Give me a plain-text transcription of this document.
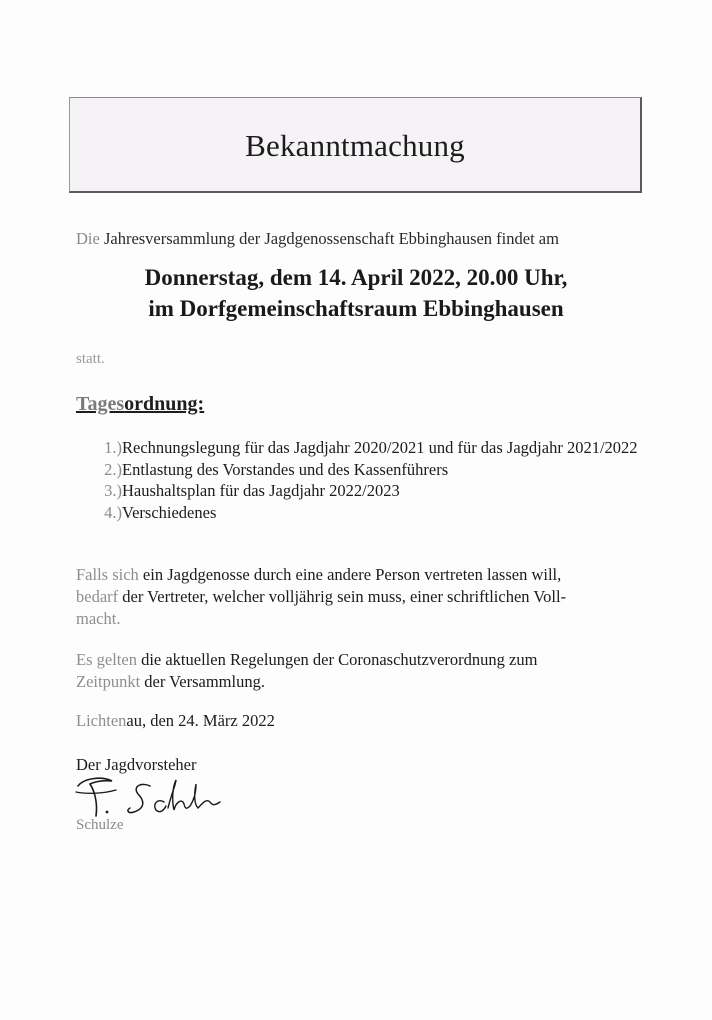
Bekanntmachung
Die Jahresversammlung der Jagdgenossenschaft Ebbinghausen findet am
Donnerstag, dem 14. April 2022, 20.00 Uhr,
im Dorfgemeinschaftsraum Ebbinghausen
statt.
Tagesordnung:
1.) Rechnungslegung für das Jagdjahr 2020/2021 und für das Jagdjahr 2021/2022
2.) Entlastung des Vorstandes und des Kassenführers
3.) Haushaltsplan für das Jagdjahr 2022/2023
4.) Verschiedenes
Falls sich ein Jagdgenosse durch eine andere Person vertreten lassen will,
bedarf der Vertreter, welcher volljährig sein muss, einer schriftlichen Voll-
macht.
Es gelten die aktuellen Regelungen der Coronaschutzverordnung zum
Zeitpunkt der Versammlung.
Lichtenau, den 24. März 2022
Der Jagdvorsteher
Schulze
